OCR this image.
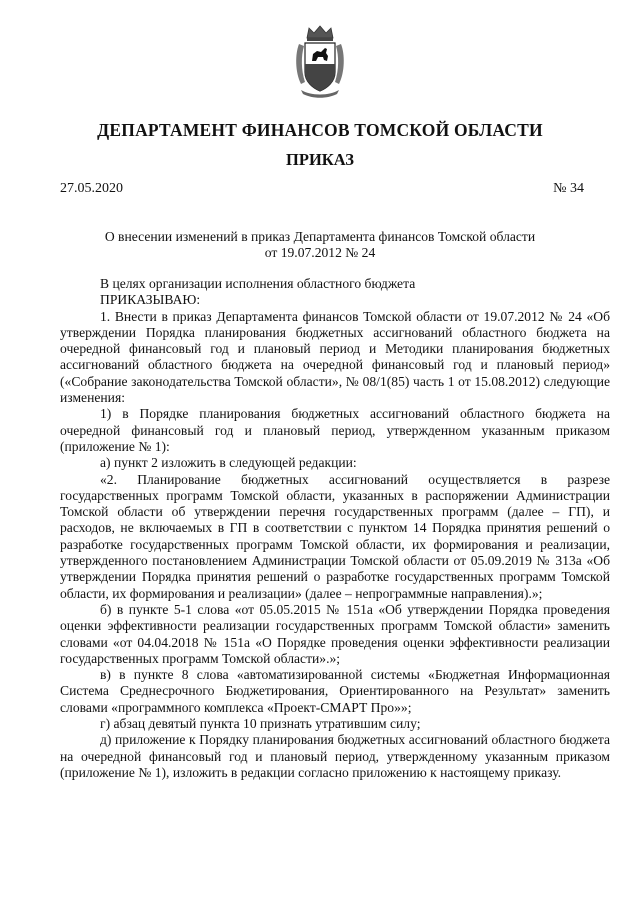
ДЕПАРТАМЕНТ ФИНАНСОВ ТОМСКОЙ ОБЛАСТИ
ПРИКАЗ
27.05.2020	№ 34
О внесении изменений в приказ Департамента финансов Томской области
от 19.07.2012 № 24

В целях организации исполнения областного бюджета

ПРИКАЗЫВАЮ:

1. Внести в приказ Департамента финансов Томской области от 19.07.2012 № 24 «Об утверждении Порядка планирования бюджетных ассигнований областного бюджета на очередной финансовый год и плановый период и Методики планирования бюджетных ассигнований областного бюджета на очередной финансовый год и плановый период» («Собрание законодательства Томской области», № 08/1(85) часть 1 от 15.08.2012) следующие изменения:

1) в Порядке планирования бюджетных ассигнований областного бюджета на очередной финансовый год и плановый период, утвержденном указанным приказом (приложение № 1):

а) пункт 2 изложить в следующей редакции:

«2. Планирование бюджетных ассигнований осуществляется в разрезе государственных программ Томской области, указанных в распоряжении Администрации Томской области об утверждении перечня государственных программ (далее – ГП), и расходов, не включаемых в ГП в соответствии с пунктом 14 Порядка принятия решений о разработке государственных программ Томской области, их формирования и реализации, утвержденного постановлением Администрации Томской области от 05.09.2019 № 313а «Об утверждении Порядка принятия решений о разработке государственных программ Томской области, их формирования и реализации» (далее – непрограммные направления).»;

б) в пункте 5-1 слова «от 05.05.2015 № 151а «Об утверждении Порядка проведения оценки эффективности реализации государственных программ Томской области» заменить словами «от 04.04.2018 № 151а «О Порядке проведения оценки эффективности реализации государственных программ Томской области».»;

в) в пункте 8 слова «автоматизированной системы «Бюджетная Информационная Система Среднесрочного Бюджетирования, Ориентированного на Результат» заменить словами «программного комплекса «Проект-СМАРТ Про»»;

г) абзац девятый пункта 10 признать утратившим силу;

д) приложение к Порядку планирования бюджетных ассигнований областного бюджета на очередной финансовый год и плановый период, утвержденному указанным приказом (приложение № 1), изложить в редакции согласно приложению к настоящему приказу.
